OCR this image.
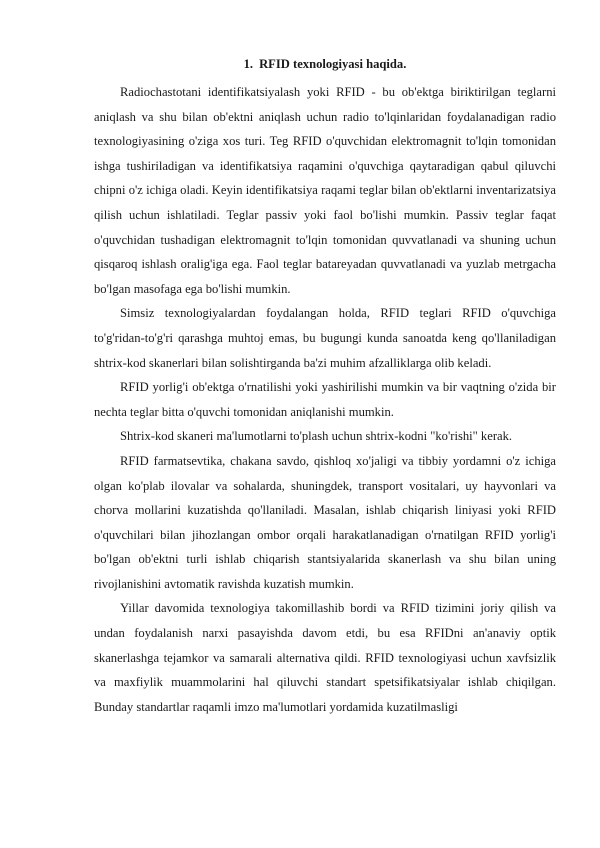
1. RFID texnologiyasi haqida.

Radiochastotani identifikatsiyalash yoki RFID - bu ob'ektga biriktirilgan teglarni aniqlash va shu bilan ob'ektni aniqlash uchun radio to'lqinlaridan foydalanadigan radio texnologiyasining o'ziga xos turi. Teg RFID o'quvchidan elektromagnit to'lqin tomonidan ishga tushiriladigan va identifikatsiya raqamini o'quvchiga qaytaradigan qabul qiluvchi chipni o'z ichiga oladi. Keyin identifikatsiya raqami teglar bilan ob'ektlarni inventarizatsiya qilish uchun ishlatiladi. Teglar passiv yoki faol bo'lishi mumkin. Passiv teglar faqat o'quvchidan tushadigan elektromagnit to'lqin tomonidan quvvatlanadi va shuning uchun qisqaroq ishlash oralig'iga ega. Faol teglar batareyadan quvvatlanadi va yuzlab metrgacha bo'lgan masofaga ega bo'lishi mumkin.

Simsiz texnologiyalardan foydalangan holda, RFID teglari RFID o'quvchiga to'g'ridan-to'g'ri qarashga muhtoj emas, bu bugungi kunda sanoatda keng qo'llaniladigan shtrix-kod skanerlari bilan solishtirganda ba'zi muhim afzalliklarga olib keladi.

RFID yorlig'i ob'ektga o'rnatilishi yoki yashirilishi mumkin va bir vaqtning o'zida bir nechta teglar bitta o'quvchi tomonidan aniqlanishi mumkin.

Shtrix-kod skaneri ma'lumotlarni to'plash uchun shtrix-kodni "ko'rishi" kerak.

RFID farmatsevtika, chakana savdo, qishloq xo'jaligi va tibbiy yordamni o'z ichiga olgan ko'plab ilovalar va sohalarda, shuningdek, transport vositalari, uy hayvonlari va chorva mollarini kuzatishda qo'llaniladi. Masalan, ishlab chiqarish liniyasi yoki RFID o'quvchilari bilan jihozlangan ombor orqali harakatlanadigan o'rnatilgan RFID yorlig'i bo'lgan ob'ektni turli ishlab chiqarish stantsiyalarida skanerlash va shu bilan uning rivojlanishini avtomatik ravishda kuzatish mumkin.

Yillar davomida texnologiya takomillashib bordi va RFID tizimini joriy qilish va undan foydalanish narxi pasayishda davom etdi, bu esa RFIDni an'anaviy optik skanerlashga tejamkor va samarali alternativa qildi. RFID texnologiyasi uchun xavfsizlik va maxfiylik muammolarini hal qiluvchi standart spetsifikatsiyalar ishlab chiqilgan. Bunday standartlar raqamli imzo ma'lumotlari yordamida kuzatilmasligi
